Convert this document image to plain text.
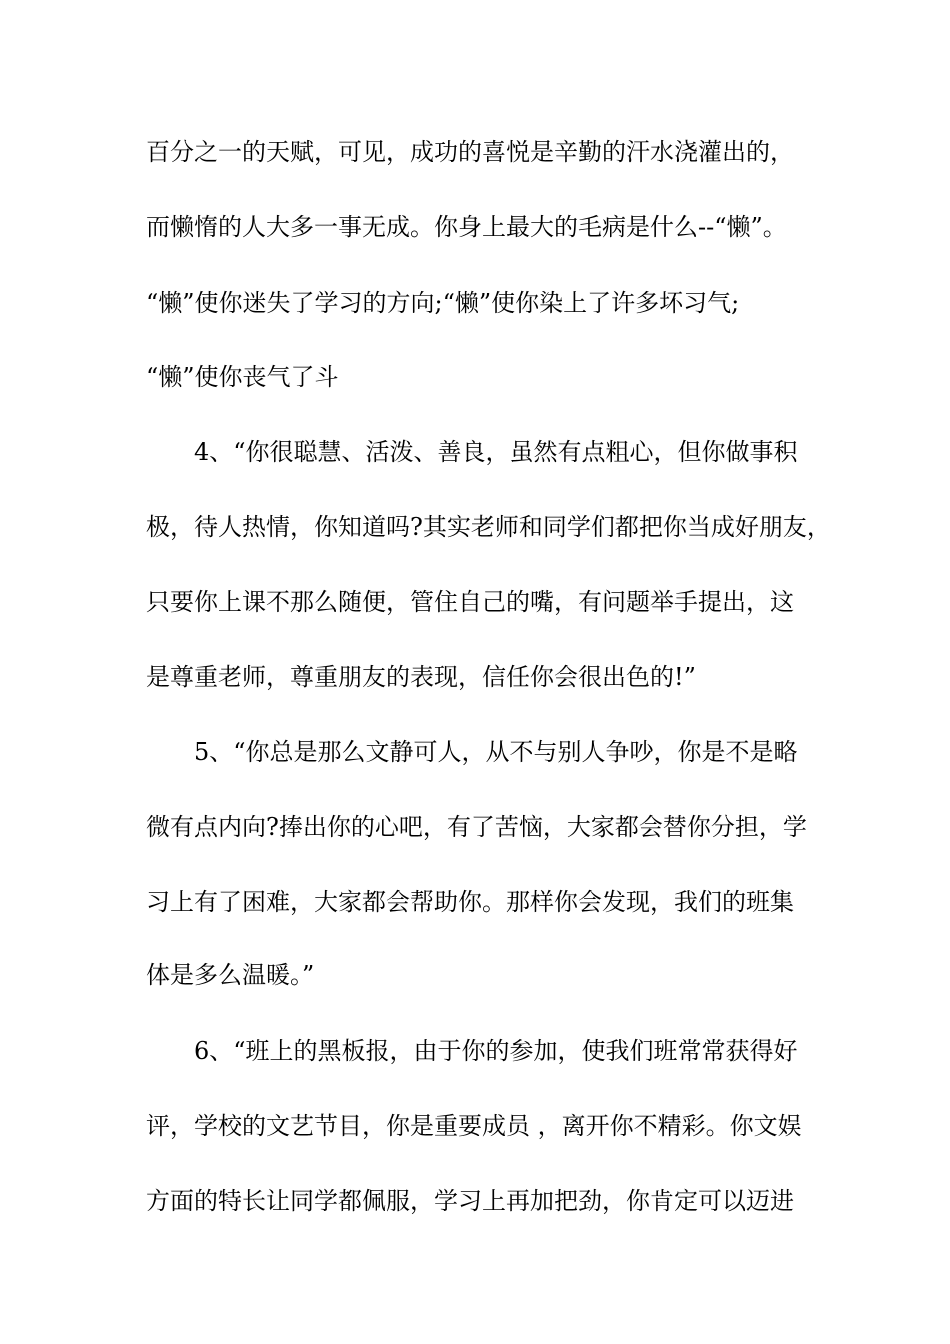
百分之一的天赋，可见，成功的喜悦是辛勤的汗水浇灌出的，
而懒惰的人大多一事无成。你身上最大的毛病是什么--“懒”。
“懒”使你迷失了学习的方向;“懒”使你染上了许多坏习气;
“懒”使你丧气了斗
4、“你很聪慧、活泼、善良，虽然有点粗心，但你做事积
极，待人热情，你知道吗?其实老师和同学们都把你当成好朋友，
只要你上课不那么随便，管住自己的嘴，有问题举手提出，这
是尊重老师，尊重朋友的表现，信任你会很出色的!”
5、“你总是那么文静可人，从不与别人争吵，你是不是略
微有点内向?捧出你的心吧，有了苦恼，大家都会替你分担，学
习上有了困难，大家都会帮助你。那样你会发现，我们的班集
体是多么温暖。”
6、“班上的黑板报，由于你的参加，使我们班常常获得好
评，学校的文艺节目，你是重要成员 ，离开你不精彩。你文娱
方面的特长让同学都佩服，学习上再加把劲，你肯定可以迈进
